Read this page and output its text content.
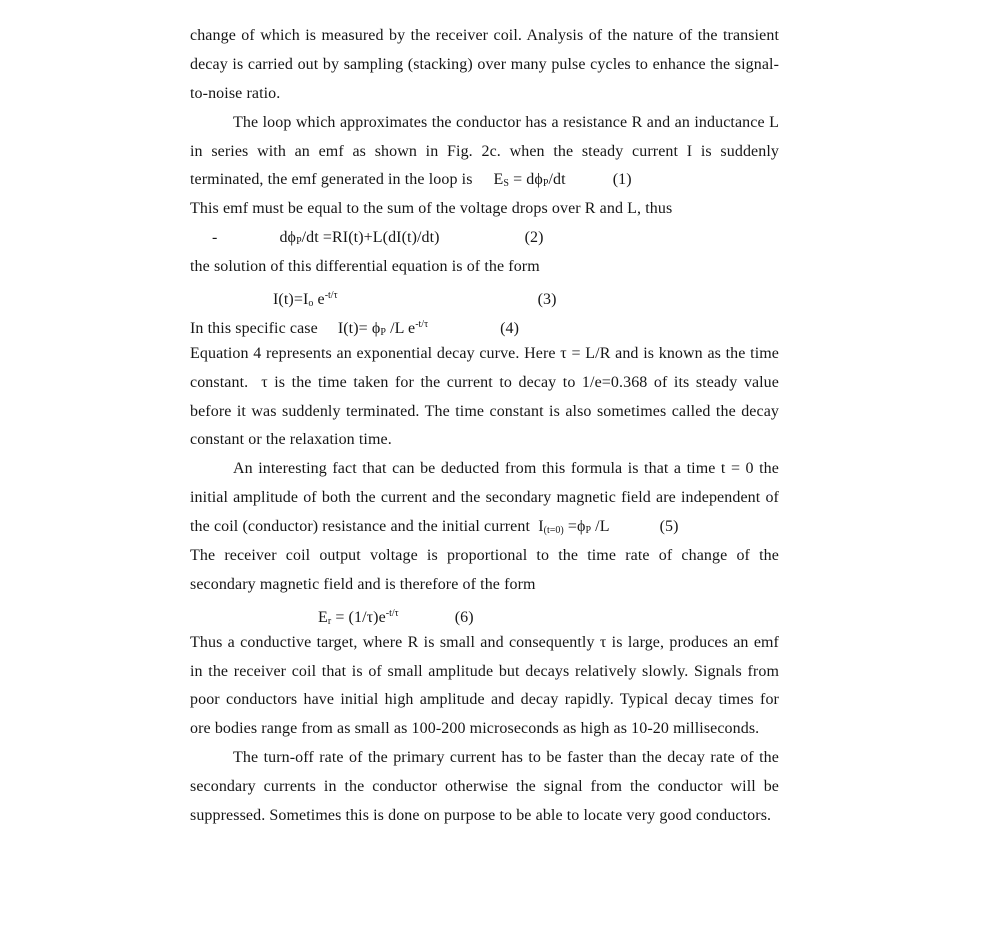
change of which is measured by the receiver coil. Analysis of the nature of the transient
decay is carried out by sampling (stacking) over many pulse cycles to enhance the signal-
to-noise ratio.
The loop which approximates the conductor has a resistance R and an inductance L
in series with an emf as shown in Fig. 2c. when the steady current I is suddenly
terminated, the emf generated in the loop is $E_S = d\phi_P/dt$	(1)
This emf must be equal to the sum of the voltage drops over R and L, thus
-	$d\phi_P/dt =RI(t)+L(dI(t)/dt)$	(2)
the solution of this differential equation is of the form
$I(t)=I_o$ $e^{-t/\tau}$	(3)
In this specific case $I(t)= \phi_P$ /L $e^{-t/\tau}$	(4)
Equation 4 represents an exponential decay curve. Here τ = L/R and is known as the time
constant.  τ is the time taken for the current to decay to 1/e=0.368 of its steady value
before it was suddenly terminated. The time constant is also sometimes called the decay
constant or the relaxation time.
An interesting fact that can be deducted from this formula is that a time t = 0 the
initial amplitude of both the current and the secondary magnetic field are independent of
the coil (conductor) resistance and the initial current  $I_{(t=0)} =\phi_P$ /L	(5)
The receiver coil output voltage is proportional to the time rate of change of the
secondary magnetic field and is therefore of the form
$E_r = (1/\tau)e^{-t/\tau}$	(6)
Thus a conductive target, where R is small and consequently τ is large, produces an emf
in the receiver coil that is of small amplitude but decays relatively slowly. Signals from
poor conductors have initial high amplitude and decay rapidly. Typical decay times for
ore bodies range from as small as 100-200 microseconds as high as 10-20 milliseconds.
The turn-off rate of the primary current has to be faster than the decay rate of the
secondary currents in the conductor otherwise the signal from the conductor will be
suppressed. Sometimes this is done on purpose to be able to locate very good conductors.
